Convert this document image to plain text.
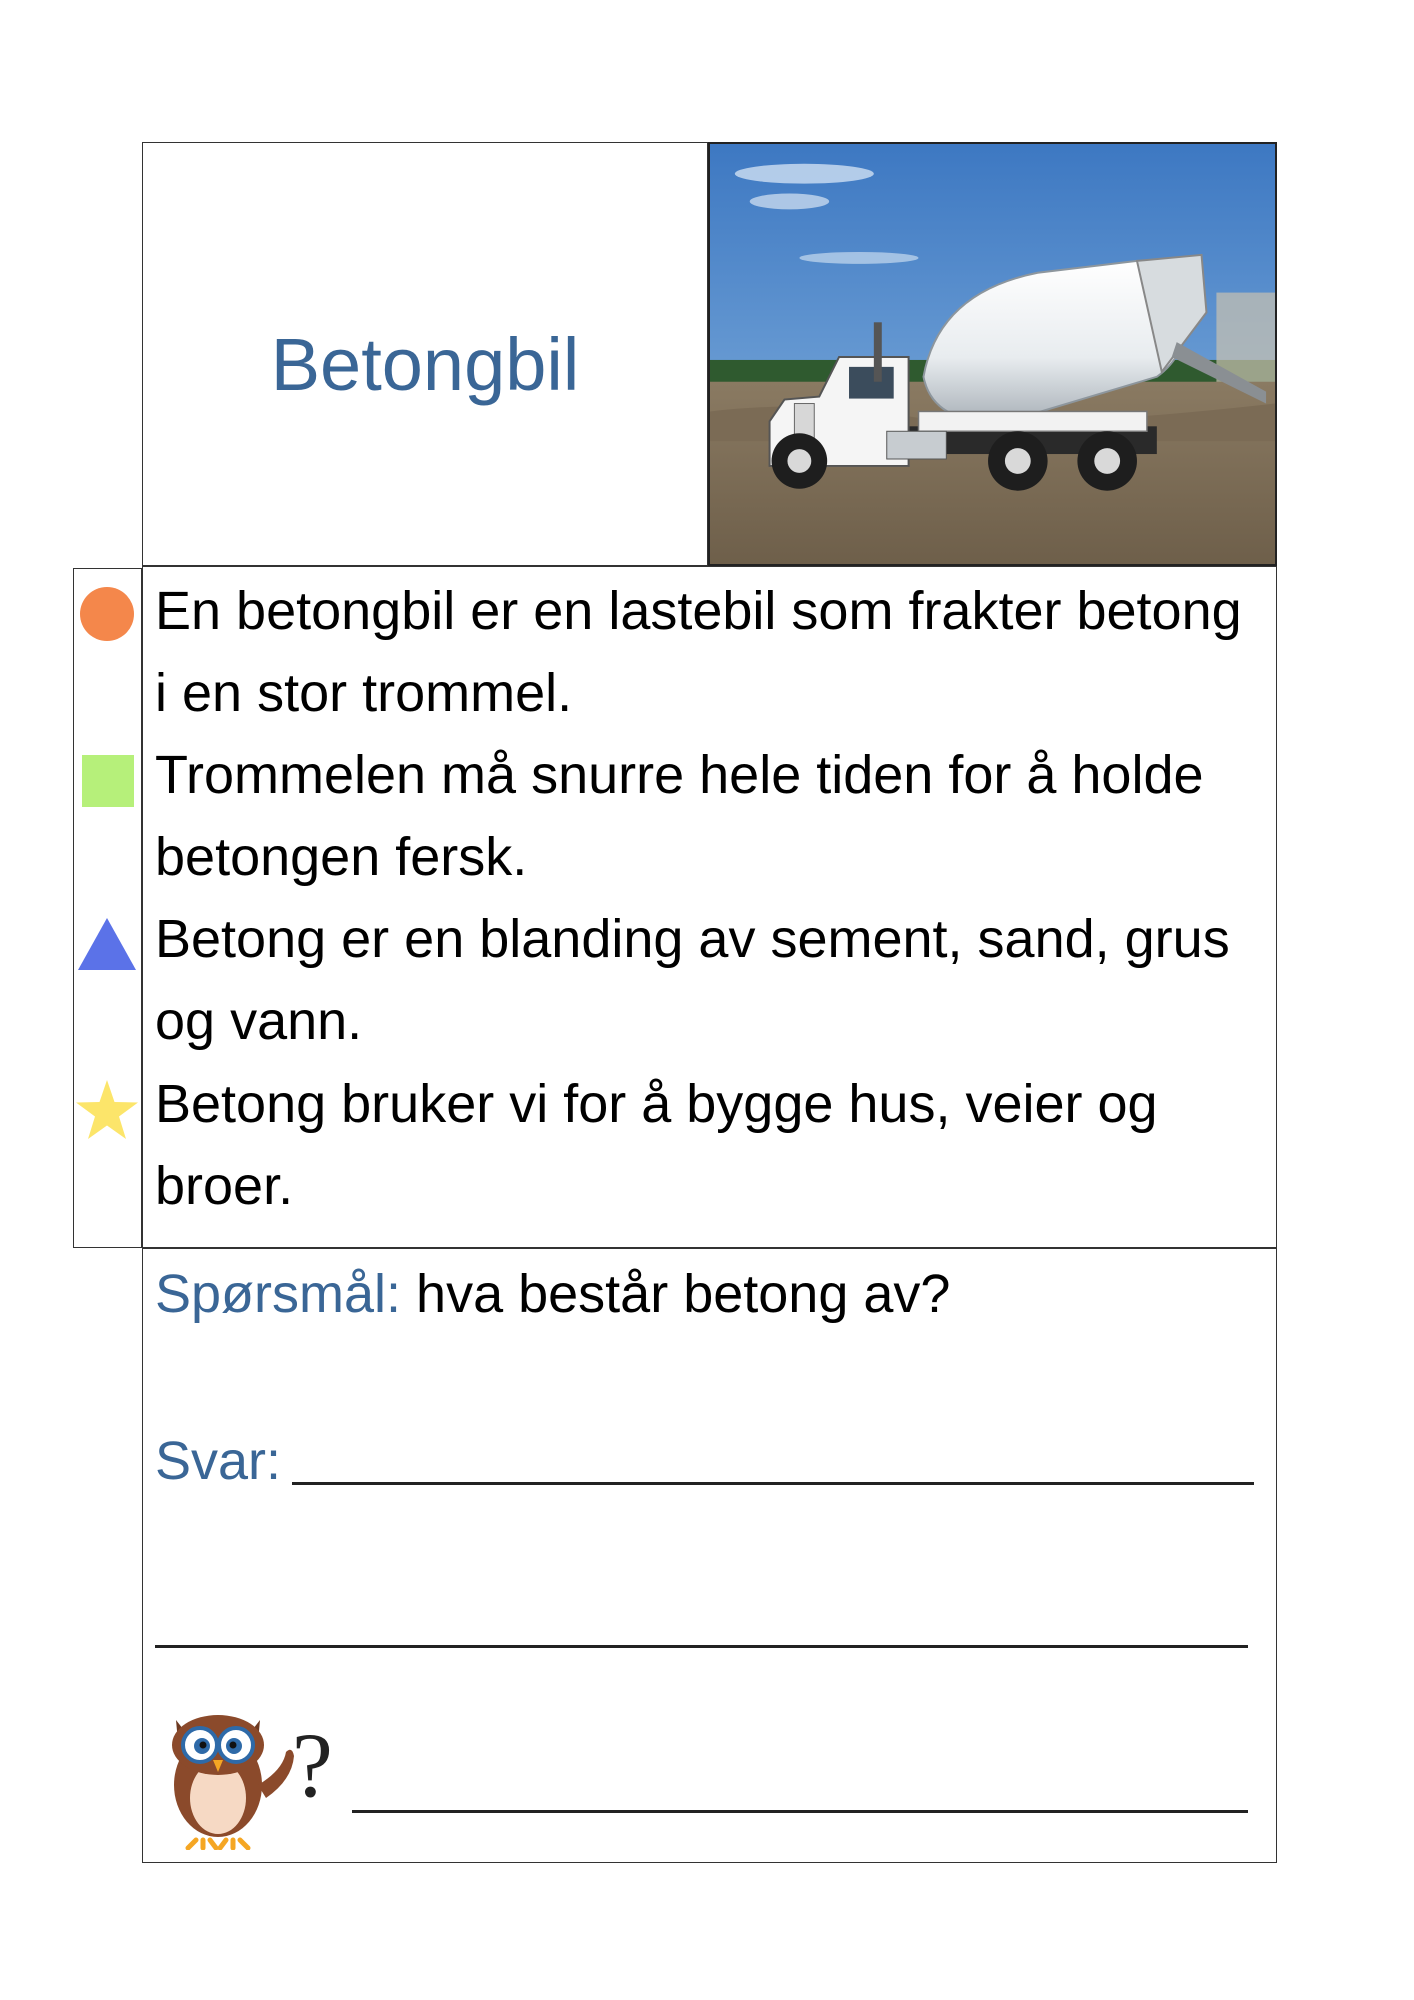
Betongbil

En betongbil er en lastebil som frakter betong i en stor trommel.

Trommelen må snurre hele tiden for å holde betongen fersk.

Betong er en blanding av sement, sand, grus og vann.

Betong bruker vi for å bygge hus, veier og broer.

Spørsmål: hva består betong av?

Svar:
?
